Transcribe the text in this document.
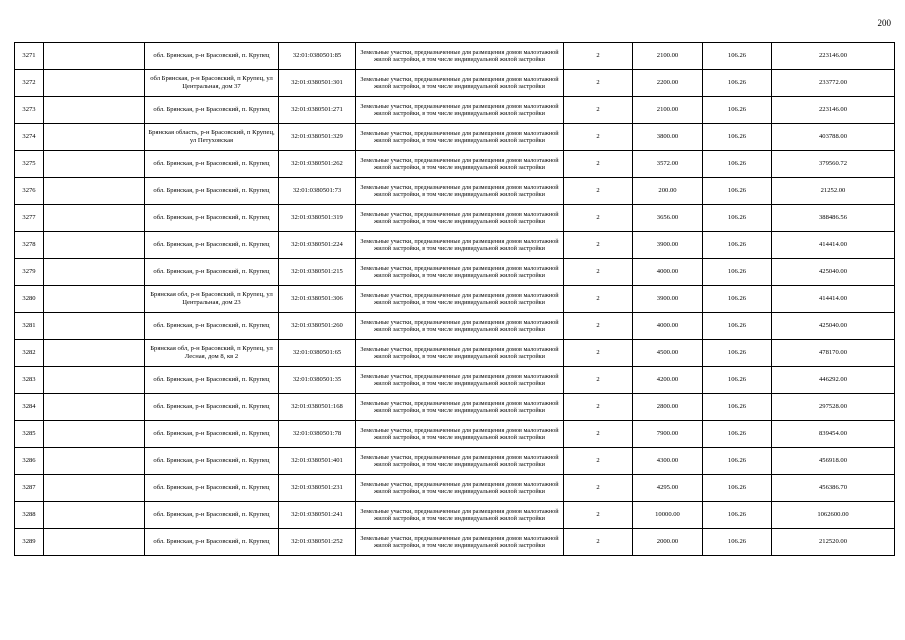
200
3271		обл. Брянская, р-н Брасовский, п. Крупец	32:01:0380501:85	Земельные участки, предназначенные для размещения домов малоэтажной жилой застройки, в том числе индивидуальной жилой застройки	2	2100.00	106.26	223146.00
3272		обл Брянская, р-н Брасовский, п Крупец, ул Центральная, дом 37	32:01:0380501:301	Земельные участки, предназначенные для размещения домов малоэтажной жилой застройки, в том числе индивидуальной жилой застройки	2	2200.00	106.26	233772.00
3273		обл. Брянская, р-н Брасовский, п. Крупец	32:01:0380501:271	Земельные участки, предназначенные для размещения домов малоэтажной жилой застройки, в том числе индивидуальной жилой застройки	2	2100.00	106.26	223146.00
3274		Брянская область, р-н Брасовский, п Крупец, ул Петуховская	32:01:0380501:329	Земельные участки, предназначенные для размещения домов малоэтажной жилой застройки, в том числе индивидуальной жилой застройки	2	3800.00	106.26	403788.00
3275		обл. Брянская, р-н Брасовский, п. Крупец	32:01:0380501:262	Земельные участки, предназначенные для размещения домов малоэтажной жилой застройки, в том числе индивидуальной жилой застройки	2	3572.00	106.26	379560.72
3276		обл. Брянская, р-н Брасовский, п. Крупец	32:01:0380501:73	Земельные участки, предназначенные для размещения домов малоэтажной жилой застройки, в том числе индивидуальной жилой застройки	2	200.00	106.26	21252.00
3277		обл. Брянская, р-н Брасовский, п. Крупец	32:01:0380501:319	Земельные участки, предназначенные для размещения домов малоэтажной жилой застройки, в том числе индивидуальной жилой застройки	2	3656.00	106.26	388486.56
3278		обл. Брянская, р-н Брасовский, п. Крупец	32:01:0380501:224	Земельные участки, предназначенные для размещения домов малоэтажной жилой застройки, в том числе индивидуальной жилой застройки	2	3900.00	106.26	414414.00
3279		обл. Брянская, р-н Брасовский, п. Крупец	32:01:0380501:215	Земельные участки, предназначенные для размещения домов малоэтажной жилой застройки, в том числе индивидуальной жилой застройки	2	4000.00	106.26	425040.00
3280		Брянская обл, р-н Брасовский, п Крупец, ул Центральная, дом 23	32:01:0380501:306	Земельные участки, предназначенные для размещения домов малоэтажной жилой застройки, в том числе индивидуальной жилой застройки	2	3900.00	106.26	414414.00
3281		обл. Брянская, р-н Брасовский, п. Крупец	32:01:0380501:260	Земельные участки, предназначенные для размещения домов малоэтажной жилой застройки, в том числе индивидуальной жилой застройки	2	4000.00	106.26	425040.00
3282		Брянская обл, р-н Брасовский, п Крупец, ул Лесная, дом 8, кв 2	32:01:0380501:65	Земельные участки, предназначенные для размещения домов малоэтажной жилой застройки, в том числе индивидуальной жилой застройки	2	4500.00	106.26	478170.00
3283		обл. Брянская, р-н Брасовский, п. Крупец	32:01:0380501:35	Земельные участки, предназначенные для размещения домов малоэтажной жилой застройки, в том числе индивидуальной жилой застройки	2	4200.00	106.26	446292.00
3284		обл. Брянская, р-н Брасовский, п. Крупец	32:01:0380501:168	Земельные участки, предназначенные для размещения домов малоэтажной жилой застройки, в том числе индивидуальной жилой застройки	2	2800.00	106.26	297528.00
3285		обл. Брянская, р-н Брасовский, п. Крупец	32:01:0380501:78	Земельные участки, предназначенные для размещения домов малоэтажной жилой застройки, в том числе индивидуальной жилой застройки	2	7900.00	106.26	839454.00
3286		обл. Брянская, р-н Брасовский, п. Крупец	32:01:0380501:401	Земельные участки, предназначенные для размещения домов малоэтажной жилой застройки, в том числе индивидуальной жилой застройки	2	4300.00	106.26	456918.00
3287		обл. Брянская, р-н Брасовский, п. Крупец	32:01:0380501:231	Земельные участки, предназначенные для размещения домов малоэтажной жилой застройки, в том числе индивидуальной жилой застройки	2	4295.00	106.26	456386.70
3288		обл. Брянская, р-н Брасовский, п. Крупец	32:01:0380501:241	Земельные участки, предназначенные для размещения домов малоэтажной жилой застройки, в том числе индивидуальной жилой застройки	2	10000.00	106.26	1062600.00
3289		обл. Брянская, р-н Брасовский, п. Крупец	32:01:0380501:252	Земельные участки, предназначенные для размещения домов малоэтажной жилой застройки, в том числе индивидуальной жилой застройки	2	2000.00	106.26	212520.00
